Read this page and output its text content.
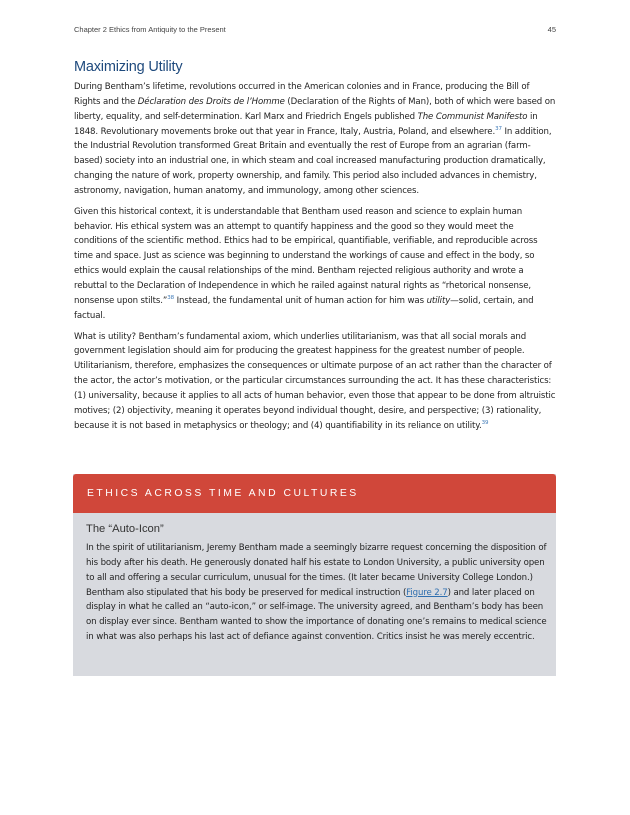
Chapter 2 Ethics from Antiquity to the Present	45
Maximizing Utility

During Bentham’s lifetime, revolutions occurred in the American colonies and in France, producing the Bill of Rights and the Déclaration des Droits de l’Homme (Declaration of the Rights of Man), both of which were based on liberty, equality, and self-determination. Karl Marx and Friedrich Engels published The Communist Manifesto in 1848. Revolutionary movements broke out that year in France, Italy, Austria, Poland, and elsewhere.$^{37}$ In addition, the Industrial Revolution transformed Great Britain and eventually the rest of Europe from an agrarian (farm-based) society into an industrial one, in which steam and coal increased manufacturing production dramatically, changing the nature of work, property ownership, and family. This period also included advances in chemistry, astronomy, navigation, human anatomy, and immunology, among other sciences.

Given this historical context, it is understandable that Bentham used reason and science to explain human behavior. His ethical system was an attempt to quantify happiness and the good so they would meet the conditions of the scientific method. Ethics had to be empirical, quantifiable, verifiable, and reproducible across time and space. Just as science was beginning to understand the workings of cause and effect in the body, so ethics would explain the causal relationships of the mind. Bentham rejected religious authority and wrote a rebuttal to the Declaration of Independence in which he railed against natural rights as “rhetorical nonsense, nonsense upon stilts.”$^{38}$ Instead, the fundamental unit of human action for him was utility—solid, certain, and factual.

What is utility? Bentham’s fundamental axiom, which underlies utilitarianism, was that all social morals and government legislation should aim for producing the greatest happiness for the greatest number of people. Utilitarianism, therefore, emphasizes the consequences or ultimate purpose of an act rather than the character of the actor, the actor’s motivation, or the particular circumstances surrounding the act. It has these characteristics: (1) universality, because it applies to all acts of human behavior, even those that appear to be done from altruistic motives; (2) objectivity, meaning it operates beyond individual thought, desire, and perspective; (3) rationality, because it is not based in metaphysics or theology; and (4) quantifiability in its reliance on utility.$^{39}$

ETHICS ACROSS TIME AND CULTURES
The “Auto-Icon”

In the spirit of utilitarianism, Jeremy Bentham made a seemingly bizarre request concerning the disposition of his body after his death. He generously donated half his estate to London University, a public university open to all and offering a secular curriculum, unusual for the times. (It later became University College London.) Bentham also stipulated that his body be preserved for medical instruction (Figure 2.7) and later placed on display in what he called an “auto-icon,” or self-image. The university agreed, and Bentham’s body has been on display ever since. Bentham wanted to show the importance of donating one’s remains to medical science in what was also perhaps his last act of defiance against convention. Critics insist he was merely eccentric.
